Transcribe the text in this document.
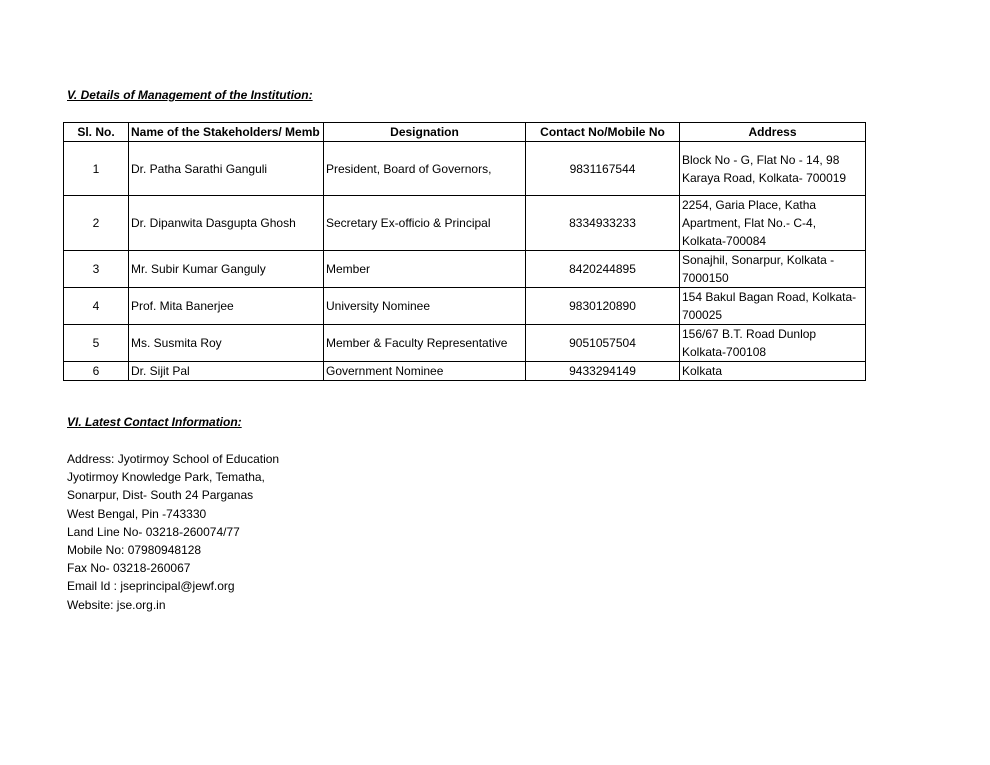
V. Details of Management of the Institution:
Sl. No.	Name of the Stakeholders/ Memb	Designation	Contact No/Mobile No	Address
1	Dr. Patha Sarathi Ganguli	President, Board of Governors,	9831167544	Block No - G, Flat No - 14, 98
Karaya Road, Kolkata- 700019

2	Dr. Dipanwita Dasgupta Ghosh	Secretary Ex-officio & Principal	8334933233	2254, Garia Place, Katha
Apartment, Flat No.- C-4,
Kolkata-700084

3	Mr. Subir Kumar Ganguly	Member	8420244895	Sonajhil, Sonarpur, Kolkata -
7000150

4	Prof. Mita Banerjee	University Nominee	9830120890	154 Bakul Bagan Road, Kolkata-
700025

5	Ms. Susmita Roy	Member & Faculty Representative	9051057504	156/67 B.T. Road Dunlop
Kolkata-700108

6	Dr. Sijit Pal	Government Nominee	9433294149	Kolkata
VI. Latest Contact Information:
Address: Jyotirmoy School of Education
Jyotirmoy Knowledge Park, Tematha,
Sonarpur, Dist- South 24 Parganas
West Bengal, Pin -743330
Land Line No- 03218-260074/77
Mobile No: 07980948128
Fax No- 03218-260067
Email Id : jseprincipal@jewf.org
Website: jse.org.in
